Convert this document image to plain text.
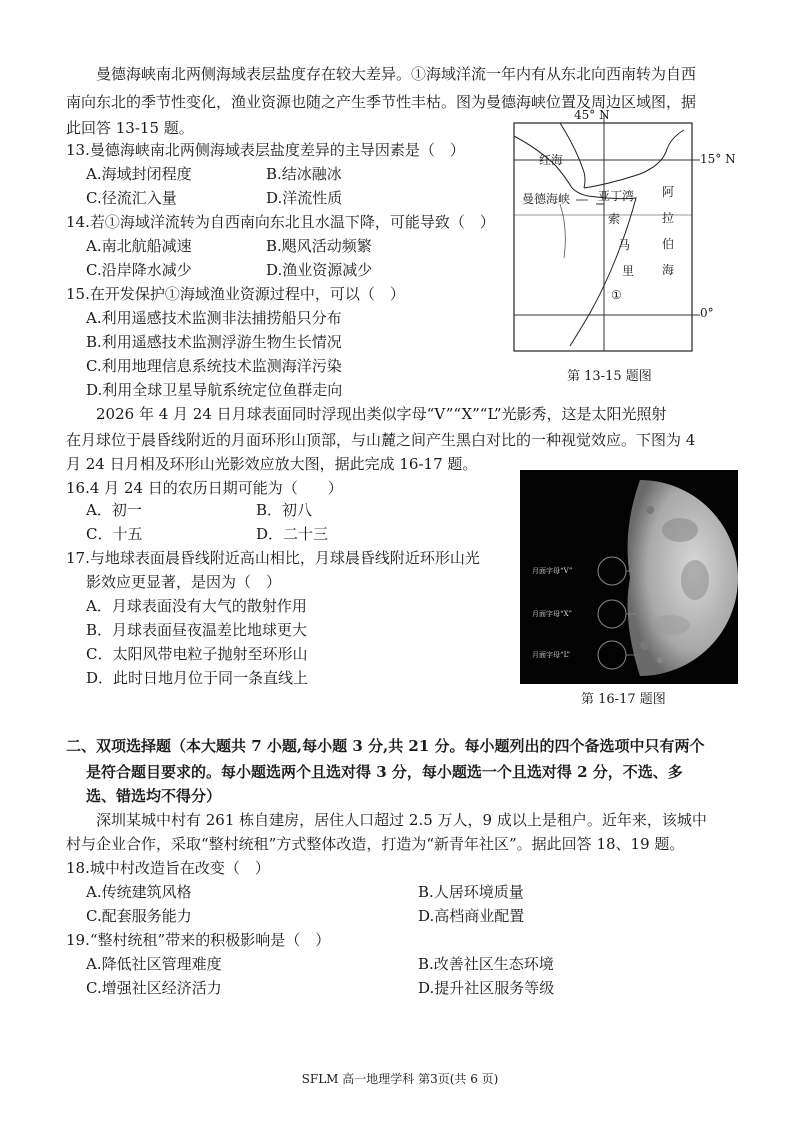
曼德海峡南北两侧海域表层盐度存在较大差异。①海域洋流一年内有从东北向西南转为自西
南向东北的季节性变化，渔业资源也随之产生季节性丰枯。图为曼德海峡位置及周边区域图，据
此回答 13-15 题。
13.曼德海峡南北两侧海域表层盐度差异的主导因素是（　）
A.海域封闭程度	B.结冰融冰
C.径流汇入量	D.洋流性质
14.若①海域洋流转为自西南向东北且水温下降，可能导致（　）
A.南北航船减速	B.飓风活动频繁
C.沿岸降水减少	D.渔业资源减少
15.在开发保护①海域渔业资源过程中，可以（　）
A.利用遥感技术监测非法捕捞船只分布
B.利用遥感技术监测浮游生物生长情况
C.利用地理信息系统技术监测海洋污染
D.利用全球卫星导航系统定位鱼群走向
45° N
15° N
0°
红海
曼德海峡 亚丁湾
索
马
里
阿
拉
伯
海
①
第 13-15 题图
2026 年 4 月 24 日月球表面同时浮现出类似字母“V”“X”“L”光影秀，这是太阳光照射
在月球位于晨昏线附近的月面环形山顶部，与山麓之间产生黑白对比的一种视觉效应。下图为 4
月 24 日月相及环形山光影效应放大图，据此完成 16-17 题。
16.4 月 24 日的农历日期可能为（　　）
A．初一	B．初八
C．十五	D．二十三
17.与地球表面晨昏线附近高山相比，月球晨昏线附近环形山光
影效应更显著，是因为（　）
A．月球表面没有大气的散射作用
B．月球表面昼夜温差比地球更大
C．太阳风带电粒子抛射至环形山
D．此时日地月位于同一条直线上
月面字母“V”
月面字母“X”
月面字母“L”
第 16-17 题图
二、双项选择题（本大题共 7 小题,每小题 3 分,共 21 分。每小题列出的四个备选项中只有两个
是符合题目要求的。每小题选两个且选对得 3 分，每小题选一个且选对得 2 分，不选、多
选、错选均不得分）
深圳某城中村有 261 栋自建房，居住人口超过 2.5 万人，9 成以上是租户。近年来，该城中
村与企业合作，采取“整村统租”方式整体改造，打造为“新青年社区”。据此回答 18、19 题。
18.城中村改造旨在改变（　）
A.传统建筑风格	B.人居环境质量
C.配套服务能力	D.高档商业配置
19.“整村统租”带来的积极影响是（　）
A.降低社区管理难度	B.改善社区生态环境
C.增强社区经济活力	D.提升社区服务等级
SFLM 高一地理学科 第3页(共 6 页)
